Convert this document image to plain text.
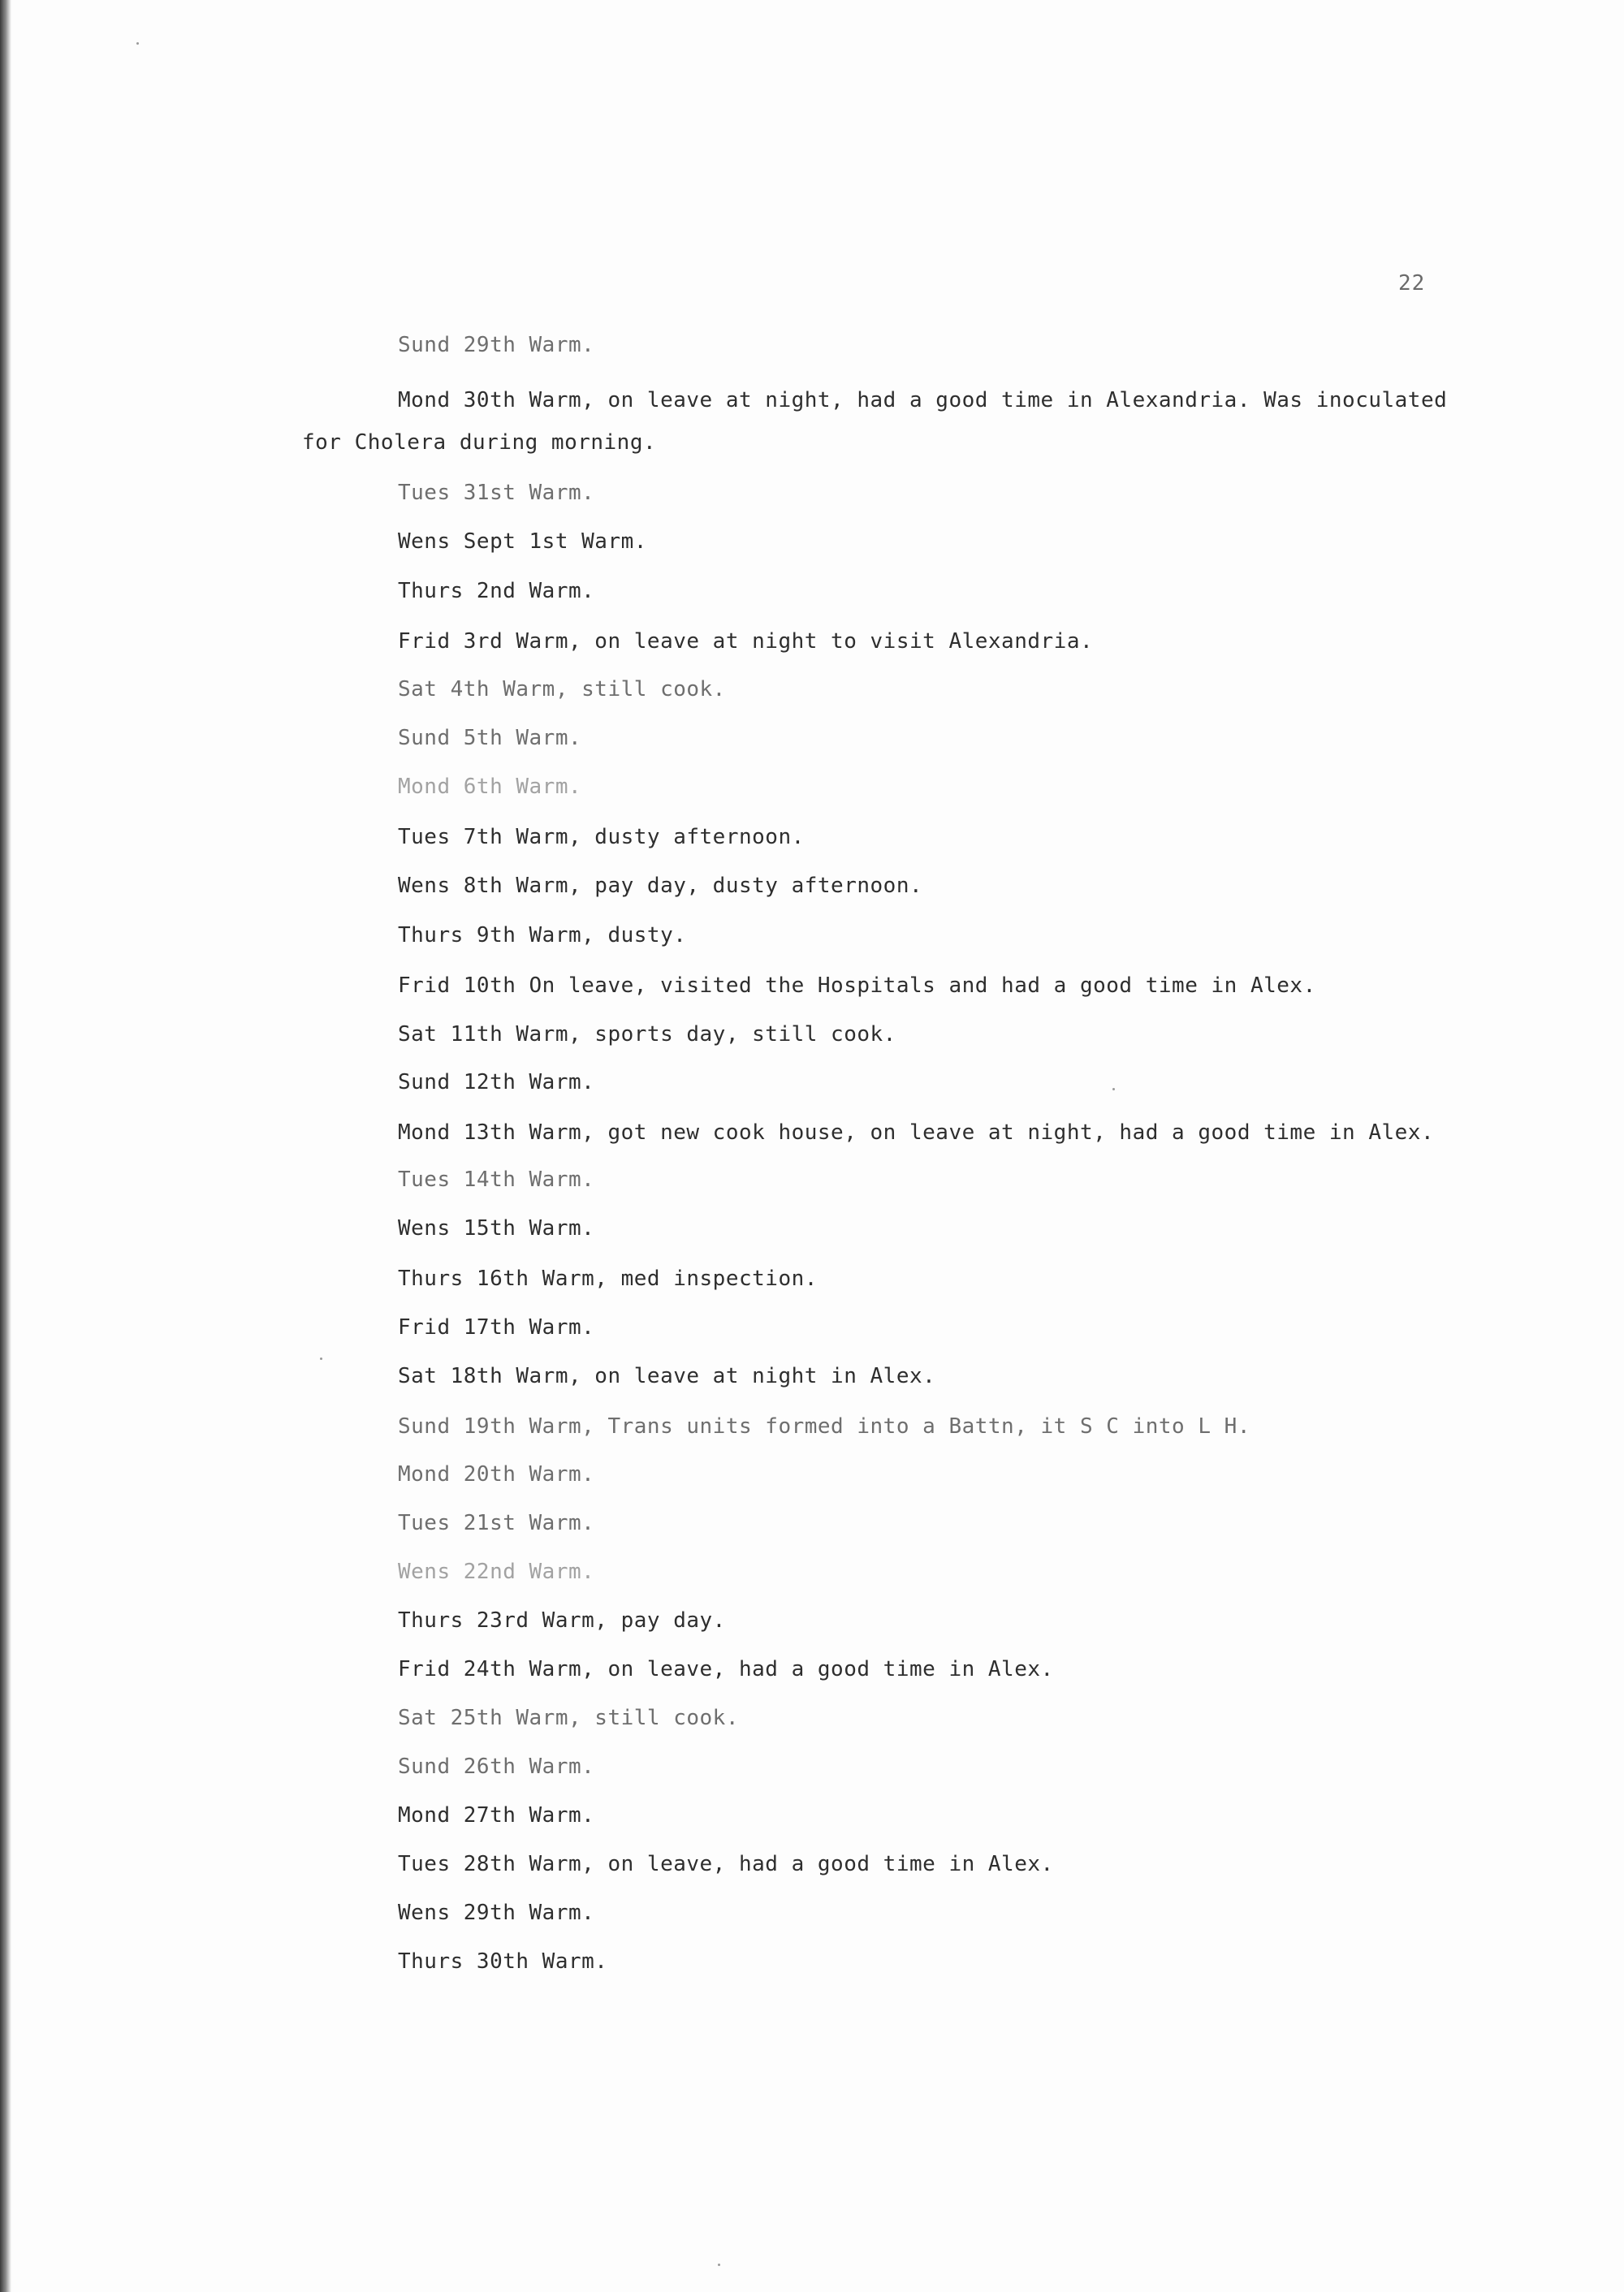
22
Sund 29th Warm.
Mond 30th Warm, on leave at night, had a good time in Alexandria. Was inoculated
for Cholera during morning.
Tues 31st Warm.
Wens Sept 1st Warm.
Thurs 2nd Warm.
Frid 3rd Warm, on leave at night to visit Alexandria.
Sat 4th Warm, still cook.
Sund 5th Warm.
Mond 6th Warm.
Tues 7th Warm, dusty afternoon.
Wens 8th Warm, pay day, dusty afternoon.
Thurs 9th Warm, dusty.
Frid 10th On leave, visited the Hospitals and had a good time in Alex.
Sat 11th Warm, sports day, still cook.
Sund 12th Warm.
Mond 13th Warm, got new cook house, on leave at night, had a good time in Alex.
Tues 14th Warm.
Wens 15th Warm.
Thurs 16th Warm, med inspection.
Frid 17th Warm.
Sat 18th Warm, on leave at night in Alex.
Sund 19th Warm, Trans units formed into a Battn, it S C into L H.
Mond 20th Warm.
Tues 21st Warm.
Wens 22nd Warm.
Thurs 23rd Warm, pay day.
Frid 24th Warm, on leave, had a good time in Alex.
Sat 25th Warm, still cook.
Sund 26th Warm.
Mond 27th Warm.
Tues 28th Warm, on leave, had a good time in Alex.
Wens 29th Warm.
Thurs 30th Warm.
